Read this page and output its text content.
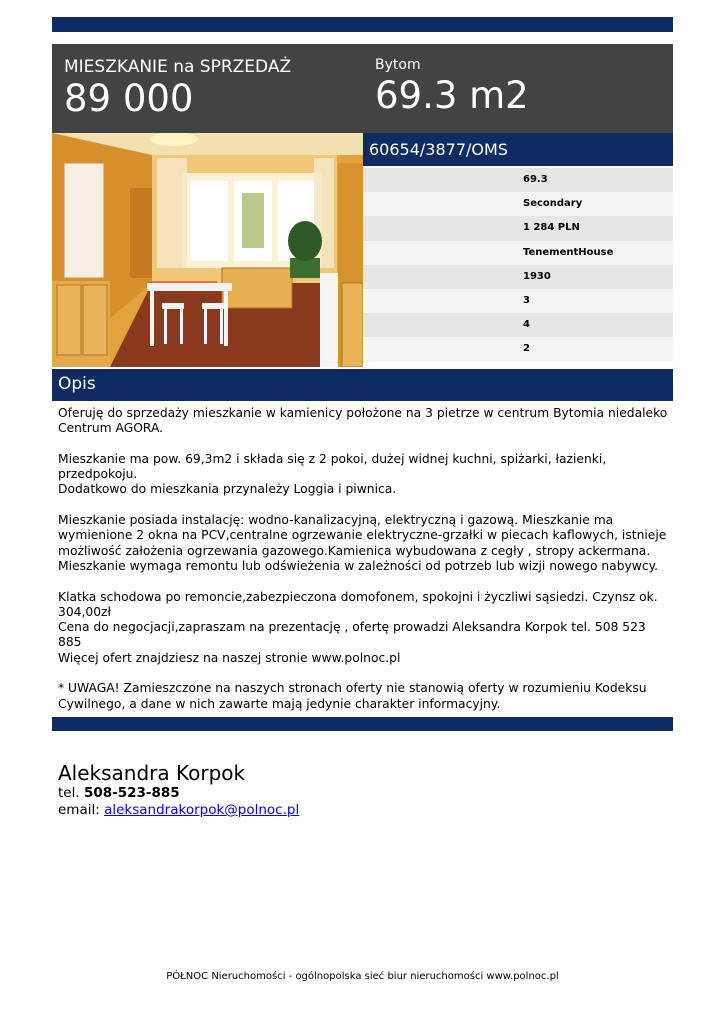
MIESZKANIE na SPRZEDAŻ
89 000
Bytom
69.3 m2
60654/3877/OMS
69.3
Secondary
1 284 PLN
TenementHouse
1930
3
4
2
Opis

Oferuję do sprzedaży mieszkanie w kamienicy położone na 3 pietrze w centrum Bytomia niedaleko

Centrum AGORA.

Mieszkanie ma pow. 69,3m2 i składa się z 2 pokoi, dużej widnej kuchni, spiżarki, łazienki,

przedpokoju.

Dodatkowo do mieszkania przynależy Loggia i piwnica.

Mieszkanie posiada instalację: wodno-kanalizacyjną, elektryczną i gazową. Mieszkanie ma

wymienione 2 okna na PCV,centralne ogrzewanie elektryczne-grzałki w piecach kaflowych, istnieje

możliwość założenia ogrzewania gazowego.Kamienica wybudowana z cegły , stropy ackermana.

Mieszkanie wymaga remontu lub odświeżenia w zależności od potrzeb lub wizji nowego nabywcy.

Klatka schodowa po remoncie,zabezpieczona domofonem, spokojni i życzliwi sąsiedzi. Czynsz ok.

304,00zł

Cena do negocjacji,zapraszam na prezentację , ofertę prowadzi Aleksandra Korpok tel. 508 523

885

Więcej ofert znajdziesz na naszej stronie www.polnoc.pl

* UWAGA! Zamieszczone na naszych stronach oferty nie stanowią oferty w rozumieniu Kodeksu

Cywilnego, a dane w nich zawarte mają jedynie charakter informacyjny.

Aleksandra Korpok
tel. 508-523-885
email: aleksandrakorpok@polnoc.pl
PÓŁNOC Nieruchomości - ogólnopolska sieć biur nieruchomości www.polnoc.pl
